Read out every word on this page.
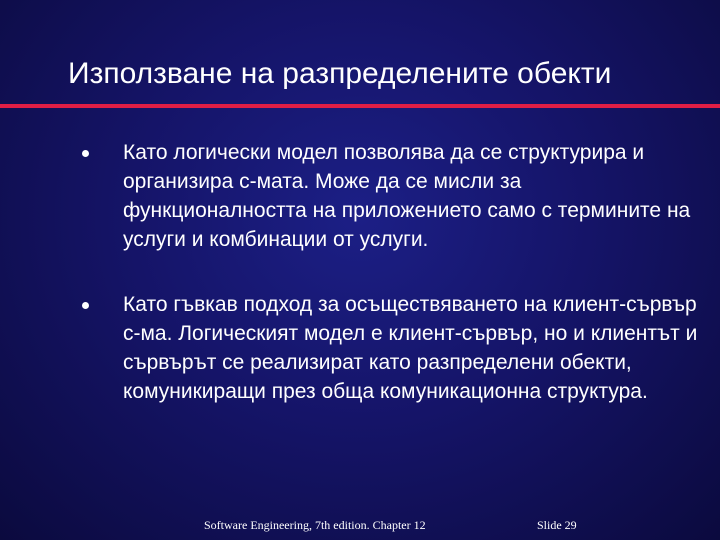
Използване на разпределените обекти
Като логически модел позволява да се структурира и организира с-мата. Може да се мисли за функционалността на приложението само с термините на услуги и комбинации от услуги.
Като гъвкав подход за осъществяването на клиент-сървър с-ма. Логическият модел е клиент-сървър, но и клиентът и сървърът се реализират като разпределени обекти, комуникиращи през обща комуникационна структура.
Software Engineering, 7th edition. Chapter 12	Slide 29
